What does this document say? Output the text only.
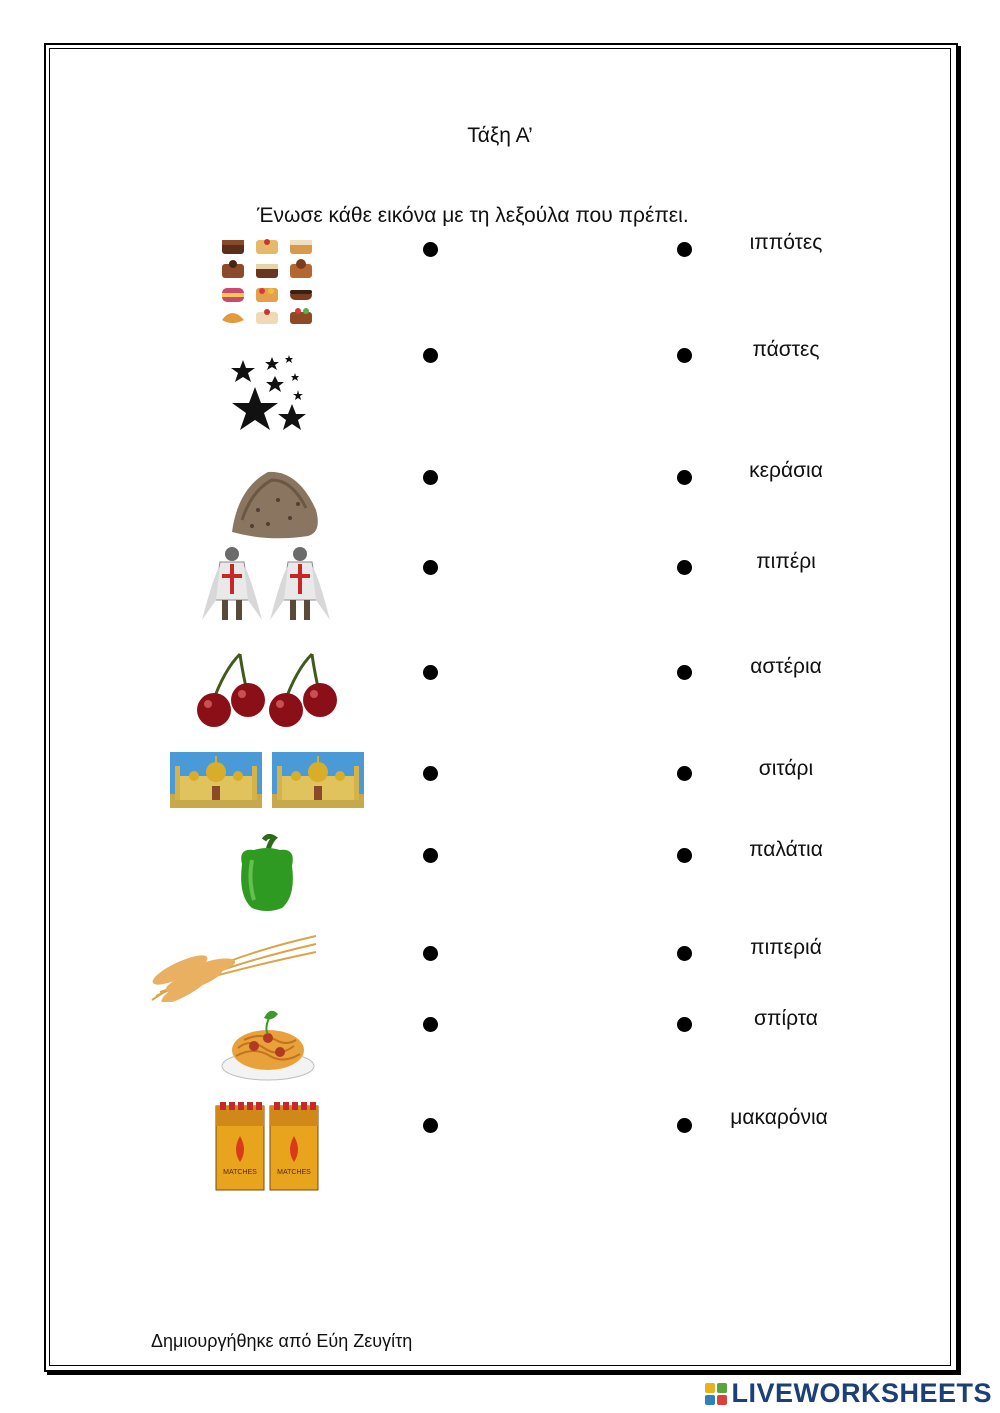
Τάξη Α’
Ένωσε κάθε εικόνα με τη λεξούλα που πρέπει.
ιππότες
πάστες
κεράσια
πιπέρι
αστέρια
σιτάρι
παλάτια
πιπεριά
σπίρτα
MATCHES	MATCHES
μακαρόνια
Δημιουργήθηκε από Εύη Ζευγίτη
LIVEWORKSHEETS
